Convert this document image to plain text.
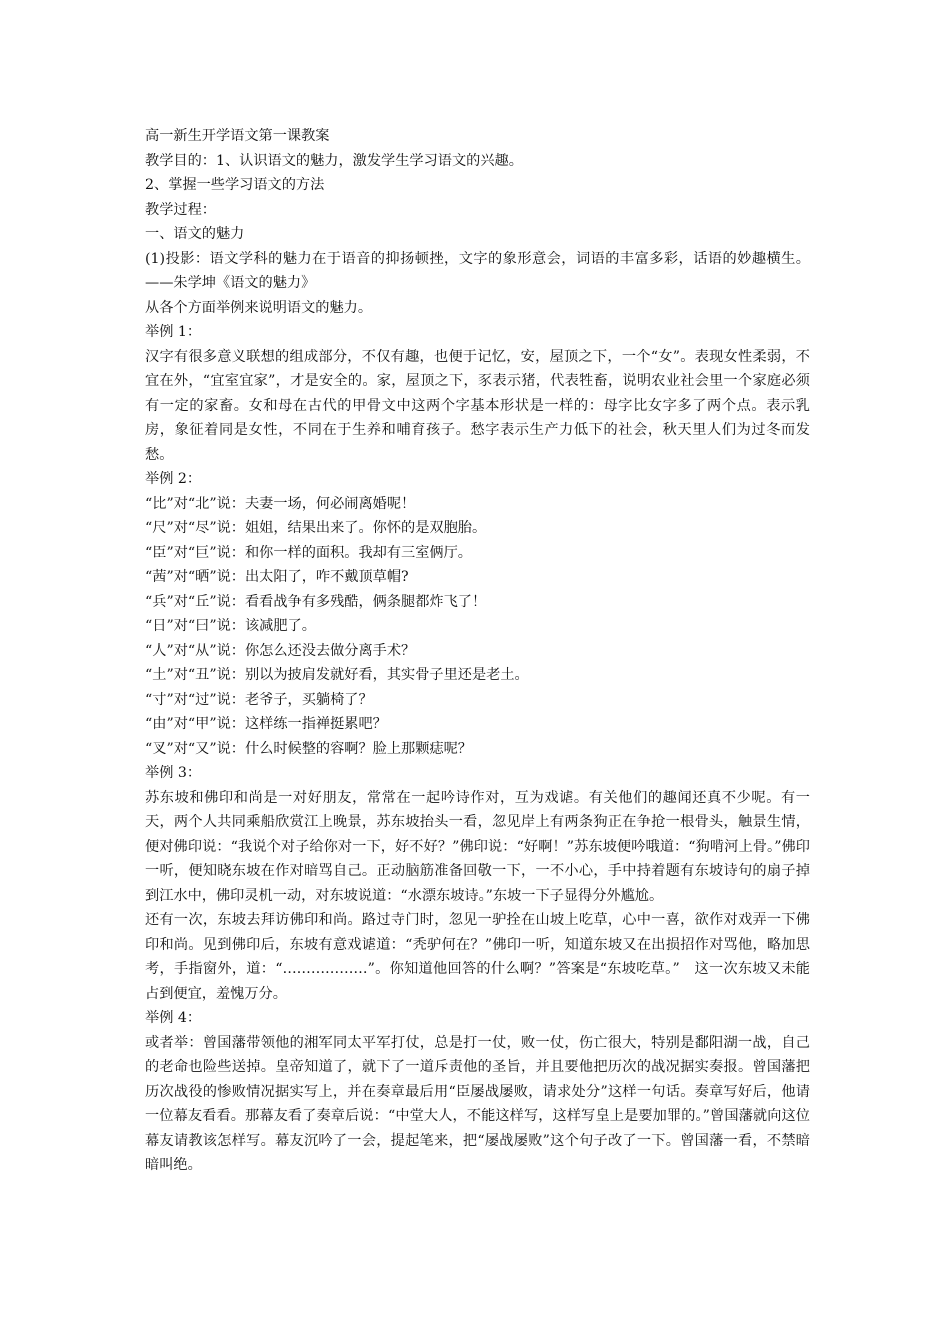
高一新生开学语文第一课教案

教学目的：1、认识语文的魅力，激发学生学习语文的兴趣。

2、掌握一些学习语文的方法

教学过程：

一、语文的魅力

(1)投影：语文学科的魅力在于语音的抑扬顿挫，文字的象形意会，词语的丰富多彩，话语的妙趣横生。——朱学坤《语文的魅力》

从各个方面举例来说明语文的魅力。

举例 1：

汉字有很多意义联想的组成部分，不仅有趣，也便于记忆，安，屋顶之下，一个“女”。表现女性柔弱，不宜在外，“宜室宜家”，才是安全的。家，屋顶之下，豕表示猪，代表牲畜，说明农业社会里一个家庭必须有一定的家畜。女和母在古代的甲骨文中这两个字基本形状是一样的：母字比女字多了两个点。表示乳房，象征着同是女性，不同在于生养和哺育孩子。愁字表示生产力低下的社会，秋天里人们为过冬而发愁。

举例 2：

“比”对“北”说：夫妻一场，何必闹离婚呢！

“尺”对“尽”说：姐姐，结果出来了。你怀的是双胞胎。

“臣”对“巨”说：和你一样的面积。我却有三室俩厅。

“茜”对“晒”说：出太阳了，咋不戴顶草帽?

“兵”对“丘”说：看看战争有多残酷，俩条腿都炸飞了！

“日”对“曰”说：该减肥了。

“人”对“从”说：你怎么还没去做分离手术？

“土”对“丑”说：别以为披肩发就好看，其实骨子里还是老土。

“寸”对“过”说：老爷子，买躺椅了？

“由”对“甲”说：这样练一指禅挺累吧？

“叉”对“又”说：什么时候整的容啊？脸上那颗痣呢？

举例 3：

苏东坡和佛印和尚是一对好朋友，常常在一起吟诗作对，互为戏谑。有关他们的趣闻还真不少呢。有一天，两个人共同乘船欣赏江上晚景，苏东坡抬头一看，忽见岸上有两条狗正在争抢一根骨头，触景生情，便对佛印说：“我说个对子给你对一下，好不好？”佛印说：“好啊！”苏东坡便吟哦道：“狗啃河上骨。”佛印一听，便知晓东坡在作对暗骂自己。正动脑筋准备回敬一下，一不小心，手中持着题有东坡诗句的扇子掉到江水中，佛印灵机一动，对东坡说道：“水漂东坡诗。”东坡一下子显得分外尴尬。

还有一次，东坡去拜访佛印和尚。路过寺门时，忽见一驴拴在山坡上吃草，心中一喜，欲作对戏弄一下佛印和尚。见到佛印后，东坡有意戏谑道：“秃驴何在？”佛印一听，知道东坡又在出损招作对骂他，略加思考，手指窗外，道：“………………”。你知道他回答的什么啊？”答案是“东坡吃草。”　这一次东坡又未能占到便宜，羞愧万分。

举例 4：

或者举：曾国藩带领他的湘军同太平军打仗，总是打一仗，败一仗，伤亡很大，特别是鄱阳湖一战，自己的老命也险些送掉。皇帝知道了，就下了一道斥责他的圣旨，并且要他把历次的战况据实奏报。曾国藩把历次战役的惨败情况据实写上，并在奏章最后用“臣屡战屡败，请求处分”这样一句话。奏章写好后，他请一位幕友看看。那幕友看了奏章后说：“中堂大人，不能这样写，这样写皇上是要加罪的。”曾国藩就向这位幕友请教该怎样写。幕友沉吟了一会，提起笔来，把“屡战屡败”这个句子改了一下。曾国藩一看，不禁暗暗叫绝。
